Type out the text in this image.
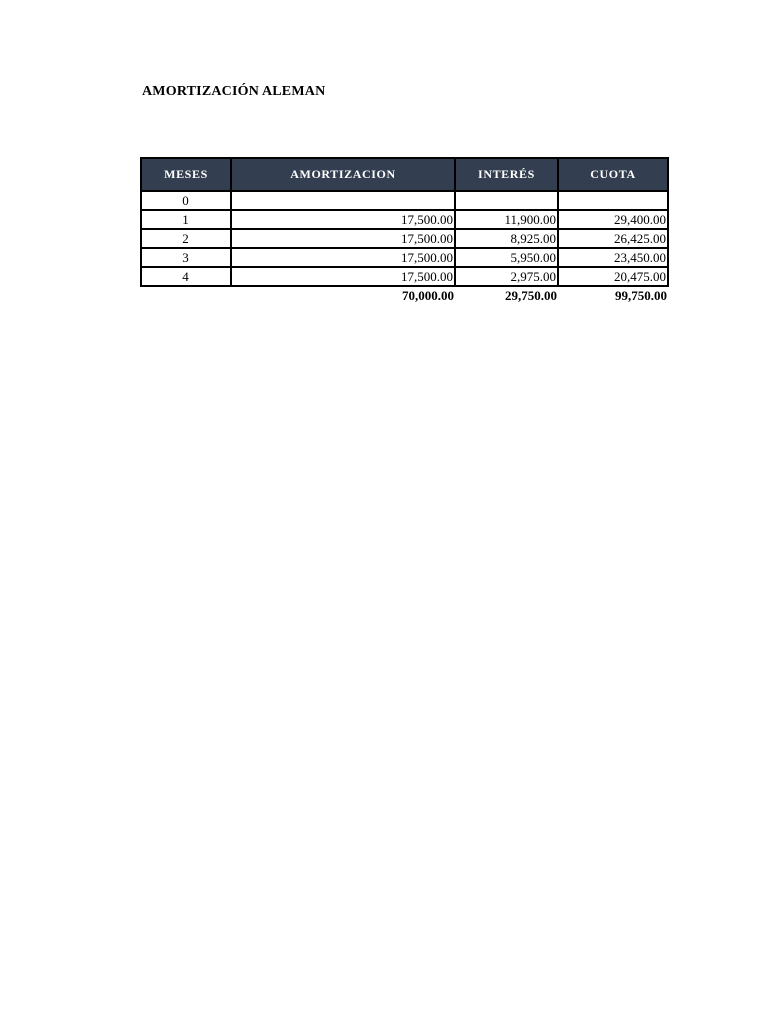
AMORTIZACIÓN ALEMAN
MESES	AMORTIZACION	INTERÉS	CUOTA
0			
1	17,500.00	11,900.00	29,400.00
2	17,500.00	8,925.00	26,425.00
3	17,500.00	5,950.00	23,450.00
4	17,500.00	2,975.00	20,475.00
	70,000.00	29,750.00	99,750.00
